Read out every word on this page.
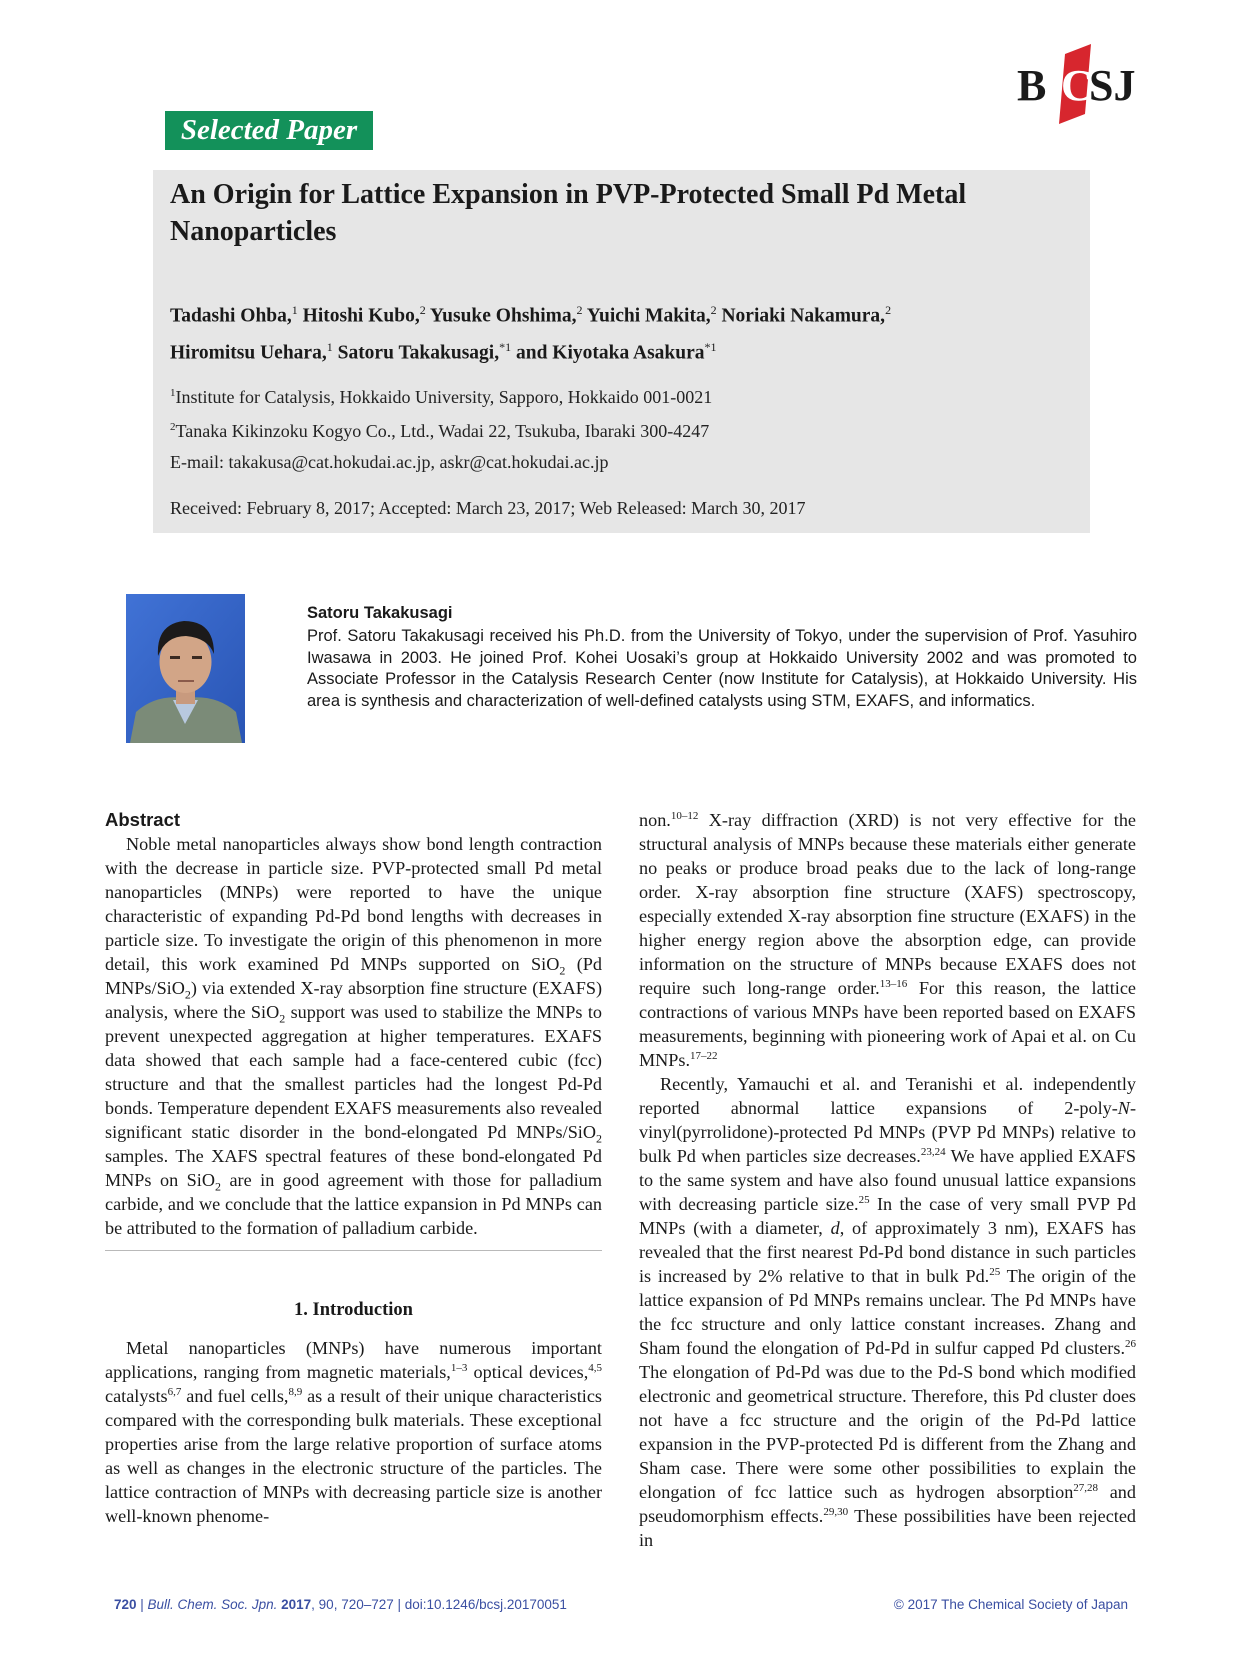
B C
SJ
Selected Paper
An Origin for Lattice Expansion in PVP-Protected Small Pd Metal Nanoparticles
Tadashi Ohba,$^1$ Hitoshi Kubo,$^2$ Yusuke Ohshima,$^2$ Yuichi Makita,$^2$ Noriaki Nakamura,$^2$
Hiromitsu Uehara,$^1$ Satoru Takakusagi,$^{*1}$ and Kiyotaka Asakura$^{*1}$
$^1$Institute for Catalysis, Hokkaido University, Sapporo, Hokkaido 001-0021
$^2$Tanaka Kikinzoku Kogyo Co., Ltd., Wadai 22, Tsukuba, Ibaraki 300-4247
E-mail: takakusa@cat.hokudai.ac.jp, askr@cat.hokudai.ac.jp
Received: February 8, 2017; Accepted: March 23, 2017; Web Released: March 30, 2017
Satoru Takakusagi
Prof. Satoru Takakusagi received his Ph.D. from the University of Tokyo, under the supervision of Prof. Yasuhiro Iwasawa in 2003. He joined Prof. Kohei Uosaki’s group at Hokkaido University 2002 and was promoted to Associate Professor in the Catalysis Research Center (now Institute for Catalysis), at Hokkaido University. His area is synthesis and characterization of well-defined catalysts using STM, EXAFS, and informatics.
Abstract

Noble metal nanoparticles always show bond length contraction with the decrease in particle size. PVP-protected small Pd metal nanoparticles (MNPs) were reported to have the unique characteristic of expanding Pd-Pd bond lengths with decreases in particle size. To investigate the origin of this phenomenon in more detail, this work examined Pd MNPs supported on SiO$_2$ (Pd MNPs/SiO$_2$) via extended X-ray absorption fine structure (EXAFS) analysis, where the SiO$_2$ support was used to stabilize the MNPs to prevent unexpected aggregation at higher temperatures. EXAFS data showed that each sample had a face-centered cubic (fcc) structure and that the smallest particles had the longest Pd-Pd bonds. Temperature dependent EXAFS measurements also revealed significant static disorder in the bond-elongated Pd MNPs/SiO$_2$ samples. The XAFS spectral features of these bond-elongated Pd MNPs on SiO$_2$ are in good agreement with those for palladium carbide, and we conclude that the lattice expansion in Pd MNPs can be attributed to the formation of palladium carbide.

1. Introduction

Metal nanoparticles (MNPs) have numerous important applications, ranging from magnetic materials,$^{1-3}$ optical devices,$^{4,5}$ catalysts$^{6,7}$ and fuel cells,$^{8,9}$ as a result of their unique characteristics compared with the corresponding bulk materials. These exceptional properties arise from the large relative proportion of surface atoms as well as changes in the electronic structure of the particles. The lattice contraction of MNPs with decreasing particle size is another well-known phenome-

non.$^{10-12}$ X-ray diffraction (XRD) is not very effective for the structural analysis of MNPs because these materials either generate no peaks or produce broad peaks due to the lack of long-range order. X-ray absorption fine structure (XAFS) spectroscopy, especially extended X-ray absorption fine structure (EXAFS) in the higher energy region above the absorption edge, can provide information on the structure of MNPs because EXAFS does not require such long-range order.$^{13-16}$ For this reason, the lattice contractions of various MNPs have been reported based on EXAFS measurements, beginning with pioneering work of Apai et al. on Cu MNPs.$^{17-22}$

Recently, Yamauchi et al. and Teranishi et al. independently reported abnormal lattice expansions of 2-poly-N-vinyl(pyrrolidone)-protected Pd MNPs (PVP Pd MNPs) relative to bulk Pd when particles size decreases.$^{23,24}$ We have applied EXAFS to the same system and have also found unusual lattice expansions with decreasing particle size.$^{25}$ In the case of very small PVP Pd MNPs (with a diameter, d, of approximately 3 nm), EXAFS has revealed that the first nearest Pd-Pd bond distance in such particles is increased by 2% relative to that in bulk Pd.$^{25}$ The origin of the lattice expansion of Pd MNPs remains unclear. The Pd MNPs have the fcc structure and only lattice constant increases. Zhang and Sham found the elongation of Pd-Pd in sulfur capped Pd clusters.$^{26}$ The elongation of Pd-Pd was due to the Pd-S bond which modified electronic and geometrical structure. Therefore, this Pd cluster does not have a fcc structure and the origin of the Pd-Pd lattice expansion in the PVP-protected Pd is different from the Zhang and Sham case. There were some other possibilities to explain the elongation of fcc lattice such as hydrogen absorption$^{27,28}$ and pseudomorphism effects.$^{29,30}$ These possibilities have been rejected in

720 | Bull. Chem. Soc. Jpn. 2017, 90, 720–727 | doi:10.1246/bcsj.20170051	© 2017 The Chemical Society of Japan
